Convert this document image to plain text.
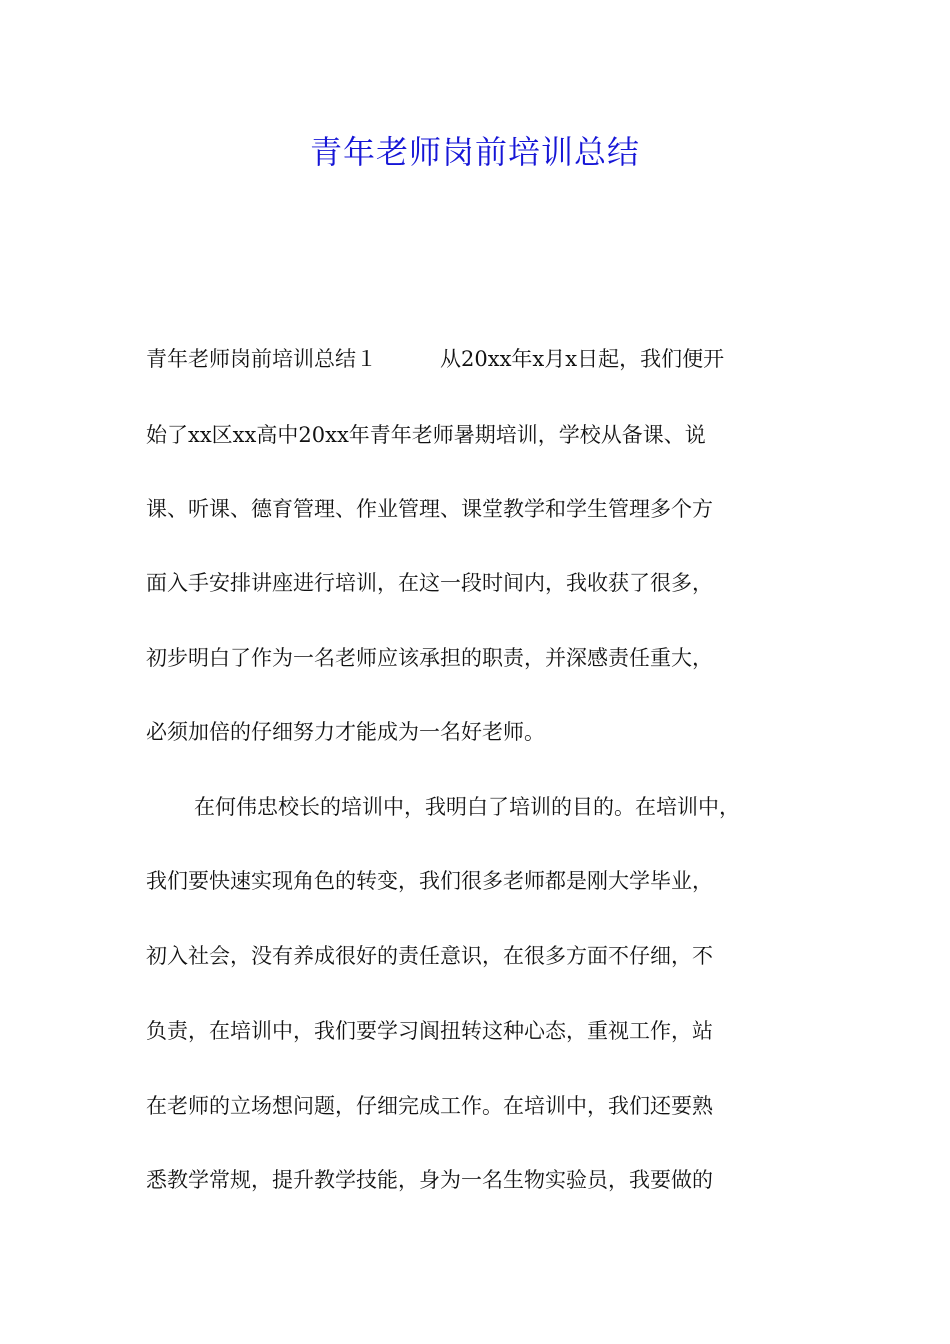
青年老师岗前培训总结
青年老师岗前培训总结１　　　从20xx年x月x日起，我们便开
始了xx区xx高中20xx年青年老师暑期培训，学校从备课、说
课、听课、德育管理、作业管理、课堂教学和学生管理多个方
面入手安排讲座进行培训，在这一段时间内，我收获了很多，
初步明白了作为一名老师应该承担的职责，并深感责任重大，
必须加倍的仔细努力才能成为一名好老师。
在何伟忠校长的培训中，我明白了培训的目的。在培训中，
我们要快速实现角色的转变，我们很多老师都是刚大学毕业，
初入社会，没有养成很好的责任意识，在很多方面不仔细，不
负责，在培训中，我们要学习阆扭转这种心态，重视工作，站
在老师的立场想问题，仔细完成工作。在培训中，我们还要熟
悉教学常规，提升教学技能，身为一名生物实验员，我要做的
